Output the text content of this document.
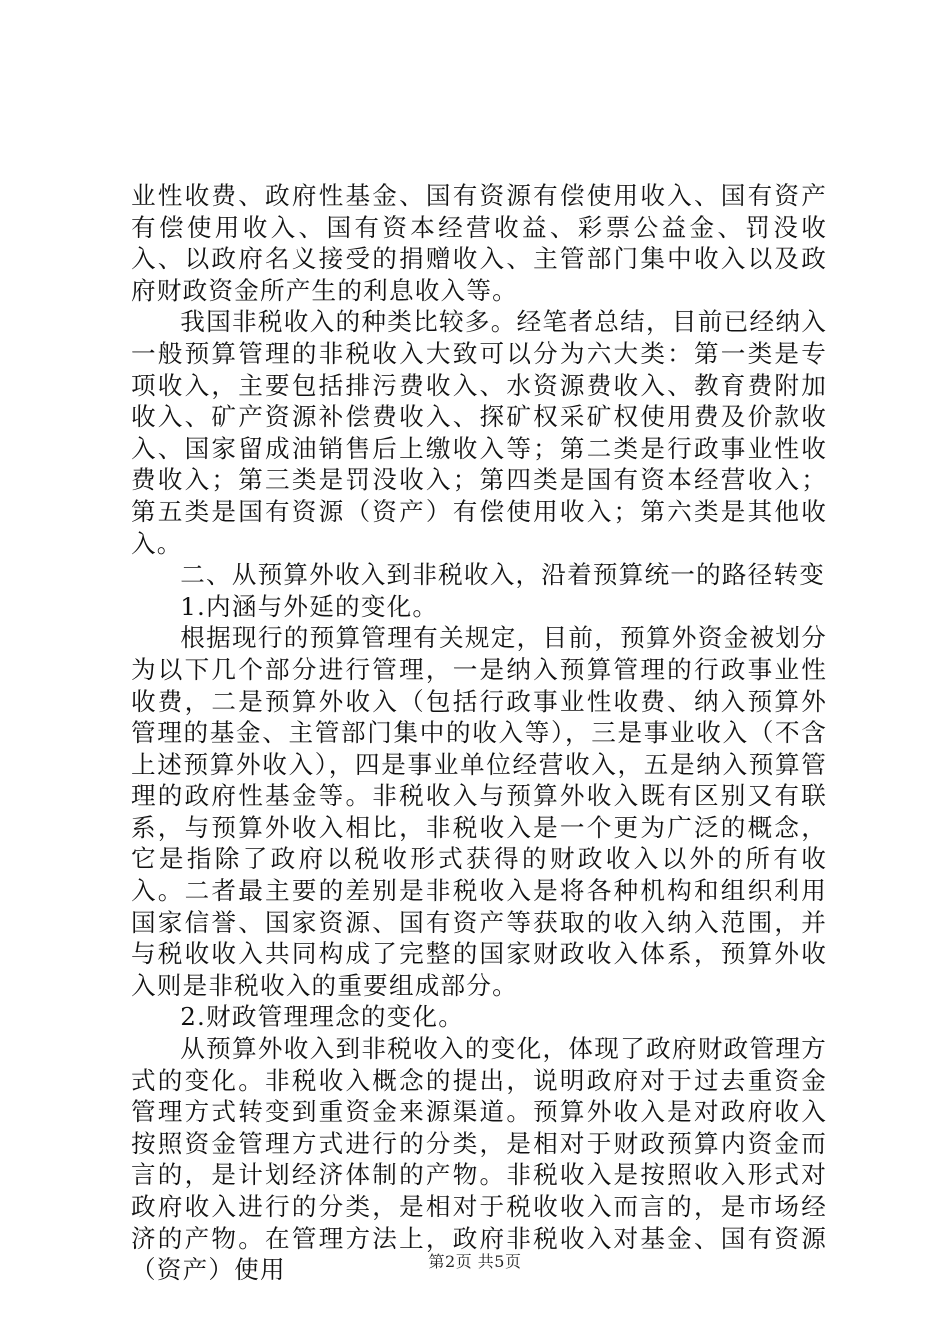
业性收费、政府性基金、国有资源有偿使用收入、国有资产有偿使用收入、国有资本经营收益、彩票公益金、罚没收入、以政府名义接受的捐赠收入、主管部门集中收入以及政府财政资金所产生的利息收入等。

我国非税收入的种类比较多。经笔者总结，目前已经纳入一般预算管理的非税收入大致可以分为六大类：第一类是专项收入，主要包括排污费收入、水资源费收入、教育费附加收入、矿产资源补偿费收入、探矿权采矿权使用费及价款收入、国家留成油销售后上缴收入等；第二类是行政事业性收费收入；第三类是罚没收入；第四类是国有资本经营收入；第五类是国有资源（资产）有偿使用收入；第六类是其他收入。

二、从预算外收入到非税收入，沿着预算统一的路径转变

1.内涵与外延的变化。

根据现行的预算管理有关规定，目前，预算外资金被划分为以下几个部分进行管理，一是纳入预算管理的行政事业性收费，二是预算外收入（包括行政事业性收费、纳入预算外管理的基金、主管部门集中的收入等），三是事业收入（不含上述预算外收入），四是事业单位经营收入，五是纳入预算管理的政府性基金等。非税收入与预算外收入既有区别又有联系，与预算外收入相比，非税收入是一个更为广泛的概念，它是指除了政府以税收形式获得的财政收入以外的所有收入。二者最主要的差别是非税收入是将各种机构和组织利用国家信誉、国家资源、国有资产等获取的收入纳入范围，并与税收收入共同构成了完整的国家财政收入体系，预算外收入则是非税收入的重要组成部分。

2.财政管理理念的变化。

从预算外收入到非税收入的变化，体现了政府财政管理方式的变化。非税收入概念的提出，说明政府对于过去重资金管理方式转变到重资金来源渠道。预算外收入是对政府收入按照资金管理方式进行的分类，是相对于财政预算内资金而言的，是计划经济体制的产物。非税收入是按照收入形式对政府收入进行的分类，是相对于税收收入而言的，是市场经济的产物。在管理方法上，政府非税收入对基金、国有资源（资产）使用	第2页 共5页
